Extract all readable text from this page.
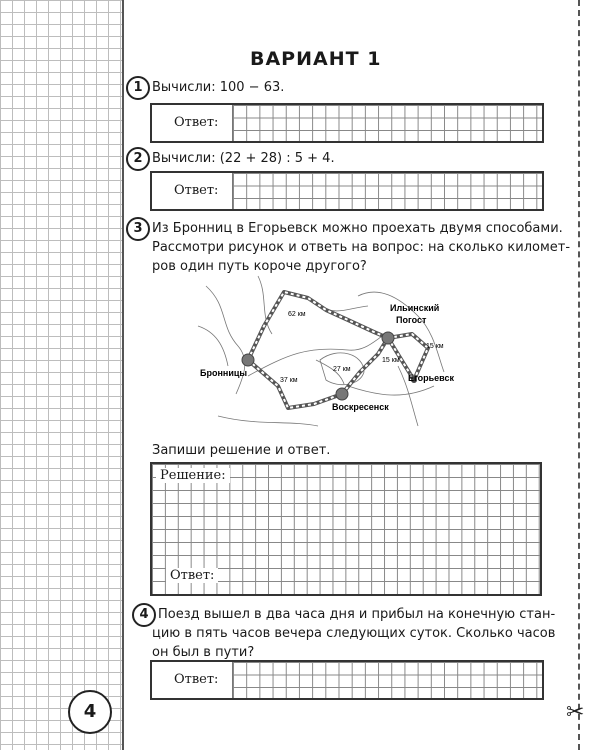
✂
ВАРИАНТ 1
1 Вычисли: 100 − 63.
Ответ:
2 Вычисли: (22 + 28) : 5 + 4.
Ответ:
3 Из Бронниц в Егорьевск можно проехать двумя способами.
Рассмотри рисунок и ответь на вопрос: на сколько километ-
ров один путь короче другого?
Ильинский
Погост
Бронницы
Воскресенск
Егорьевск
62 км
27 км
37 км
15 км
15 км
Запиши решение и ответ.
Решение:
Ответ:
4 Поезд вышел в два часа дня и прибыл на конечную стан-
цию в пять часов вечера следующих суток. Сколько часов
он был в пути?
Ответ:
4
